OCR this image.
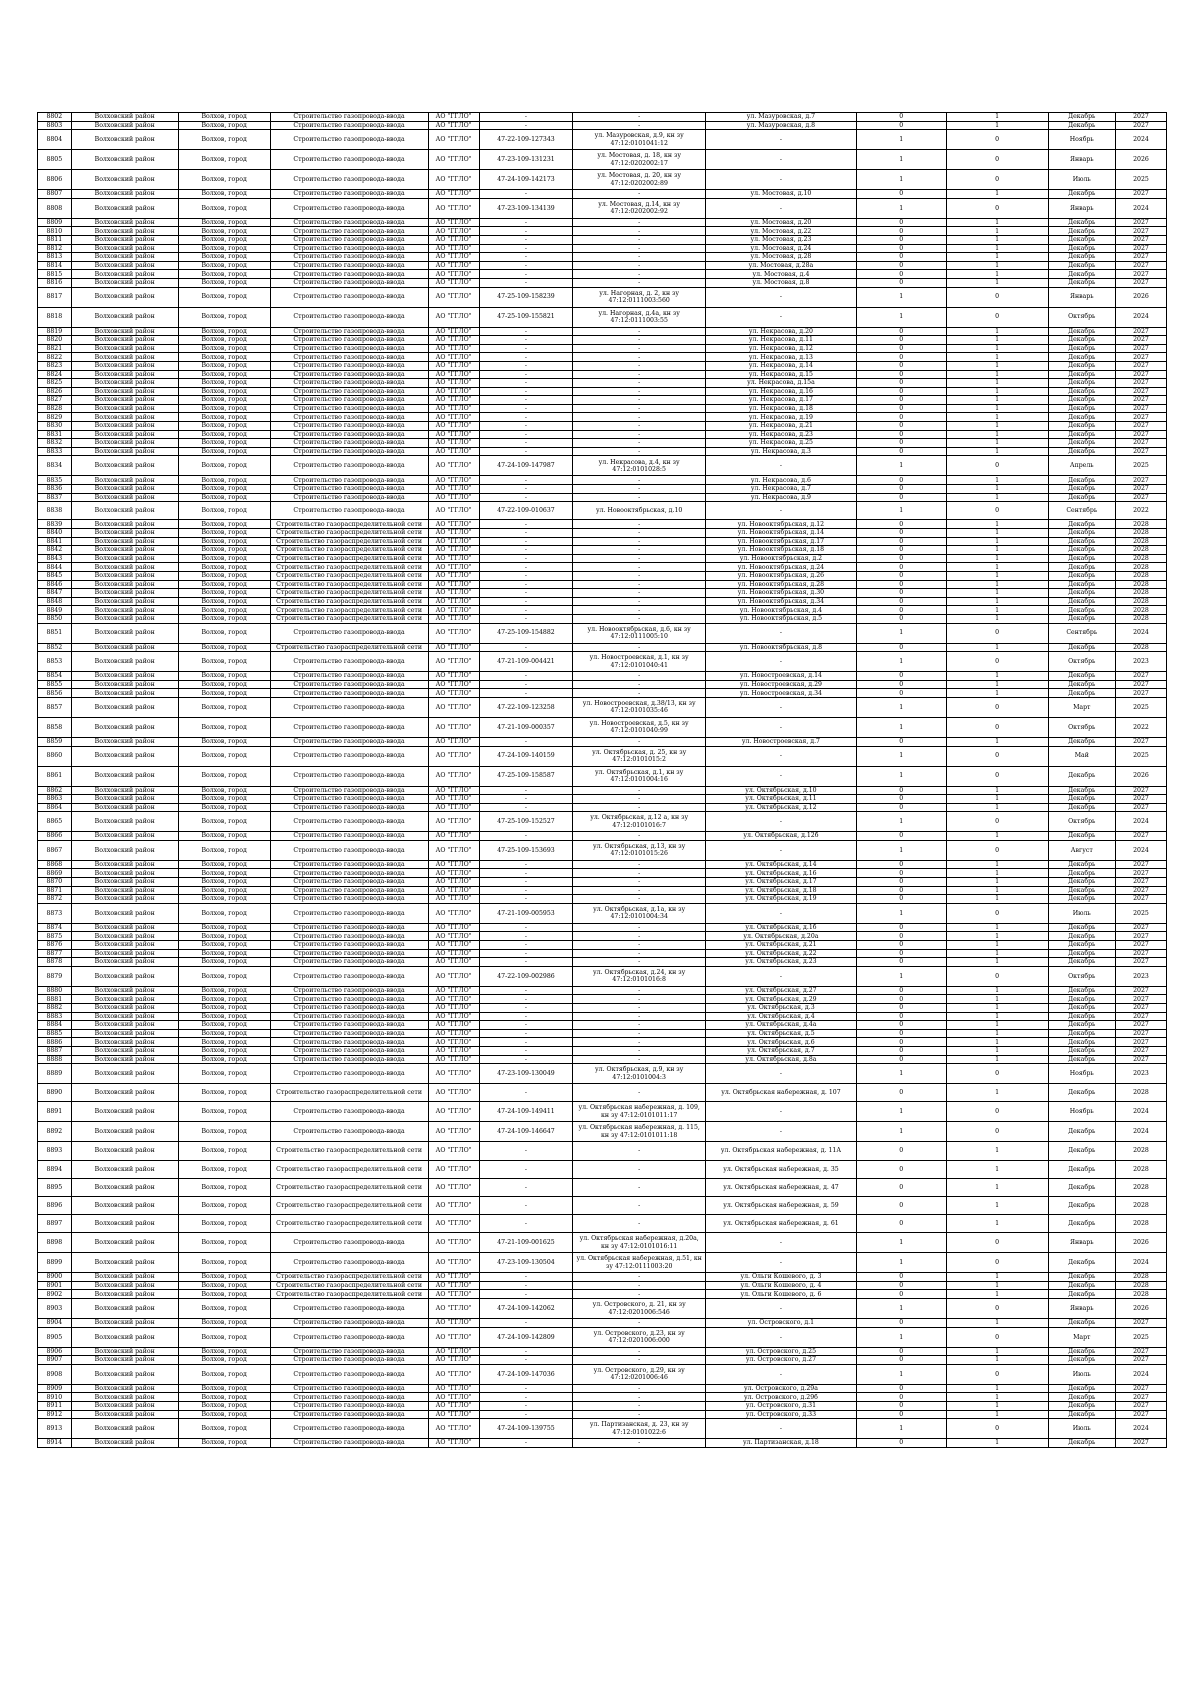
8802	Волховский район	Волхов, город	Строительство газопровода-ввода	АО "ГГЛО"	-	-	ул. Мазуровская, д.7	0	1	Декабрь	2027
8803	Волховский район	Волхов, город	Строительство газопровода-ввода	АО "ГГЛО"	-	-	ул. Мазуровская, д.8	0	1	Декабрь	2027
8804	Волховский район	Волхов, город	Строительство газопровода-ввода	АО "ГГЛО"	47-22-109-127343	ул. Мазуровская, д.9, кн зу 47:12:0101041:12	-	1	0	Ноябрь	2024
8805	Волховский район	Волхов, город	Строительство газопровода-ввода	АО "ГГЛО"	47-23-109-131231	ул. Мостовая, д. 18, кн зу 47:12:0202002:17	-	1	0	Январь	2026
8806	Волховский район	Волхов, город	Строительство газопровода-ввода	АО "ГГЛО"	47-24-109-142173	ул. Мостовая, д. 20, кн зу 47:12:0202002:89	-	1	0	Июль	2025
8807	Волховский район	Волхов, город	Строительство газопровода-ввода	АО "ГГЛО"	-	-	ул. Мостовая, д.10	0	1	Декабрь	2027
8808	Волховский район	Волхов, город	Строительство газопровода-ввода	АО "ГГЛО"	47-23-109-134139	ул. Мостовая, д.14, кн зу 47:12:0202002:92	-	1	0	Январь	2024
8809	Волховский район	Волхов, город	Строительство газопровода-ввода	АО "ГГЛО"	-	-	ул. Мостовая, д.20	0	1	Декабрь	2027
8810	Волховский район	Волхов, город	Строительство газопровода-ввода	АО "ГГЛО"	-	-	ул. Мостовая, д.22	0	1	Декабрь	2027
8811	Волховский район	Волхов, город	Строительство газопровода-ввода	АО "ГГЛО"	-	-	ул. Мостовая, д.23	0	1	Декабрь	2027
8812	Волховский район	Волхов, город	Строительство газопровода-ввода	АО "ГГЛО"	-	-	ул. Мостовая, д.24	0	1	Декабрь	2027
8813	Волховский район	Волхов, город	Строительство газопровода-ввода	АО "ГГЛО"	-	-	ул. Мостовая, д.28	0	1	Декабрь	2027
8814	Волховский район	Волхов, город	Строительство газопровода-ввода	АО "ГГЛО"	-	-	ул. Мостовая, д.28а	0	1	Декабрь	2027
8815	Волховский район	Волхов, город	Строительство газопровода-ввода	АО "ГГЛО"	-	-	ул. Мостовая, д.4	0	1	Декабрь	2027
8816	Волховский район	Волхов, город	Строительство газопровода-ввода	АО "ГГЛО"	-	-	ул. Мостовая, д.8	0	1	Декабрь	2027
8817	Волховский район	Волхов, город	Строительство газопровода-ввода	АО "ГГЛО"	47-25-109-158239	ул. Нагорная, д. 2, кн зу 47:12:0111003:560	-	1	0	Январь	2026
8818	Волховский район	Волхов, город	Строительство газопровода-ввода	АО "ГГЛО"	47-25-109-155821	ул. Нагорная, д.4а, кн зу 47:12:0111003:55	-	1	0	Октябрь	2024
8819	Волховский район	Волхов, город	Строительство газопровода-ввода	АО "ГГЛО"	-	-	ул. Некрасова, д.20	0	1	Декабрь	2027
8820	Волховский район	Волхов, город	Строительство газопровода-ввода	АО "ГГЛО"	-	-	ул. Некрасова, д.11	0	1	Декабрь	2027
8821	Волховский район	Волхов, город	Строительство газопровода-ввода	АО "ГГЛО"	-	-	ул. Некрасова, д.12	0	1	Декабрь	2027
8822	Волховский район	Волхов, город	Строительство газопровода-ввода	АО "ГГЛО"	-	-	ул. Некрасова, д.13	0	1	Декабрь	2027
8823	Волховский район	Волхов, город	Строительство газопровода-ввода	АО "ГГЛО"	-	-	ул. Некрасова, д.14	0	1	Декабрь	2027
8824	Волховский район	Волхов, город	Строительство газопровода-ввода	АО "ГГЛО"	-	-	ул. Некрасова, д.15	0	1	Декабрь	2027
8825	Волховский район	Волхов, город	Строительство газопровода-ввода	АО "ГГЛО"	-	-	ул. Некрасова, д.15а	0	1	Декабрь	2027
8826	Волховский район	Волхов, город	Строительство газопровода-ввода	АО "ГГЛО"	-	-	ул. Некрасова, д.16	0	1	Декабрь	2027
8827	Волховский район	Волхов, город	Строительство газопровода-ввода	АО "ГГЛО"	-	-	ул. Некрасова, д.17	0	1	Декабрь	2027
8828	Волховский район	Волхов, город	Строительство газопровода-ввода	АО "ГГЛО"	-	-	ул. Некрасова, д.18	0	1	Декабрь	2027
8829	Волховский район	Волхов, город	Строительство газопровода-ввода	АО "ГГЛО"	-	-	ул. Некрасова, д.19	0	1	Декабрь	2027
8830	Волховский район	Волхов, город	Строительство газопровода-ввода	АО "ГГЛО"	-	-	ул. Некрасова, д.21	0	1	Декабрь	2027
8831	Волховский район	Волхов, город	Строительство газопровода-ввода	АО "ГГЛО"	-	-	ул. Некрасова, д.23	0	1	Декабрь	2027
8832	Волховский район	Волхов, город	Строительство газопровода-ввода	АО "ГГЛО"	-	-	ул. Некрасова, д.25	0	1	Декабрь	2027
8833	Волховский район	Волхов, город	Строительство газопровода-ввода	АО "ГГЛО"	-	-	ул. Некрасова, д.3	0	1	Декабрь	2027
8834	Волховский район	Волхов, город	Строительство газопровода-ввода	АО "ГГЛО"	47-24-109-147987	ул. Некрасова, д.4, кн зу 47:12:0101028:5	-	1	0	Апрель	2025
8835	Волховский район	Волхов, город	Строительство газопровода-ввода	АО "ГГЛО"	-	-	ул. Некрасова, д.6	0	1	Декабрь	2027
8836	Волховский район	Волхов, город	Строительство газопровода-ввода	АО "ГГЛО"	-	-	ул. Некрасова, д.7	0	1	Декабрь	2027
8837	Волховский район	Волхов, город	Строительство газопровода-ввода	АО "ГГЛО"	-	-	ул. Некрасова, д.9	0	1	Декабрь	2027
8838	Волховский район	Волхов, город	Строительство газопровода-ввода	АО "ГГЛО"	47-22-109-010637	ул. Новооктябрьская, д.10	-	1	0	Сентябрь	2022
8839	Волховский район	Волхов, город	Строительство газораспределительной сети	АО "ГГЛО"	-	-	ул. Новооктябрьская, д.12	0	1	Декабрь	2028
8840	Волховский район	Волхов, город	Строительство газораспределительной сети	АО "ГГЛО"	-	-	ул. Новооктябрьская, д.14	0	1	Декабрь	2028
8841	Волховский район	Волхов, город	Строительство газораспределительной сети	АО "ГГЛО"	-	-	ул. Новооктябрьская, д.17	0	1	Декабрь	2028
8842	Волховский район	Волхов, город	Строительство газораспределительной сети	АО "ГГЛО"	-	-	ул. Новооктябрьская, д.18	0	1	Декабрь	2028
8843	Волховский район	Волхов, город	Строительство газораспределительной сети	АО "ГГЛО"	-	-	ул. Новооктябрьская, д.2	0	1	Декабрь	2028
8844	Волховский район	Волхов, город	Строительство газораспределительной сети	АО "ГГЛО"	-	-	ул. Новооктябрьская, д.24	0	1	Декабрь	2028
8845	Волховский район	Волхов, город	Строительство газораспределительной сети	АО "ГГЛО"	-	-	ул. Новооктябрьская, д.26	0	1	Декабрь	2028
8846	Волховский район	Волхов, город	Строительство газораспределительной сети	АО "ГГЛО"	-	-	ул. Новооктябрьская, д.28	0	1	Декабрь	2028
8847	Волховский район	Волхов, город	Строительство газораспределительной сети	АО "ГГЛО"	-	-	ул. Новооктябрьская, д.30	0	1	Декабрь	2028
8848	Волховский район	Волхов, город	Строительство газораспределительной сети	АО "ГГЛО"	-	-	ул. Новооктябрьская, д.34	0	1	Декабрь	2028
8849	Волховский район	Волхов, город	Строительство газораспределительной сети	АО "ГГЛО"	-	-	ул. Новооктябрьская, д.4	0	1	Декабрь	2028
8850	Волховский район	Волхов, город	Строительство газораспределительной сети	АО "ГГЛО"	-	-	ул. Новооктябрьская, д.5	0	1	Декабрь	2028
8851	Волховский район	Волхов, город	Строительство газопровода-ввода	АО "ГГЛО"	47-25-109-154882	ул. Новооктябрьская, д.6, кн зу 47:12:0111005:10	-	1	0	Сентябрь	2024
8852	Волховский район	Волхов, город	Строительство газораспределительной сети	АО "ГГЛО"	-	-	ул. Новооктябрьская, д.8	0	1	Декабрь	2028
8853	Волховский район	Волхов, город	Строительство газопровода-ввода	АО "ГГЛО"	47-21-109-004421	ул. Новостроевская, д.1, кн зу 47:12:0101040:41	-	1	0	Октябрь	2023
8854	Волховский район	Волхов, город	Строительство газопровода-ввода	АО "ГГЛО"	-	-	ул. Новостроевская, д.14	0	1	Декабрь	2027
8855	Волховский район	Волхов, город	Строительство газопровода-ввода	АО "ГГЛО"	-	-	ул. Новостроевская, д.29	0	1	Декабрь	2027
8856	Волховский район	Волхов, город	Строительство газопровода-ввода	АО "ГГЛО"	-	-	ул. Новостроевская, д.34	0	1	Декабрь	2027
8857	Волховский район	Волхов, город	Строительство газопровода-ввода	АО "ГГЛО"	47-22-109-123258	ул. Новостроевская, д.38/13, кн зу 47:12:0101035:46	-	1	0	Март	2025
8858	Волховский район	Волхов, город	Строительство газопровода-ввода	АО "ГГЛО"	47-21-109-000357	ул. Новостроевская, д.5, кн зу 47:12:0101040:99	-	1	0	Октябрь	2022
8859	Волховский район	Волхов, город	Строительство газопровода-ввода	АО "ГГЛО"	-	-	ул. Новостроевская, д.7	0	1	Декабрь	2027
8860	Волховский район	Волхов, город	Строительство газопровода-ввода	АО "ГГЛО"	47-24-109-140159	ул. Октябрьская, д. 25, кн зу 47:12:0101015:2	-	1	0	Май	2025
8861	Волховский район	Волхов, город	Строительство газопровода-ввода	АО "ГГЛО"	47-25-109-158587	ул. Октябрьская, д.1, кн зу 47:12:0101004:16	-	1	0	Декабрь	2026
8862	Волховский район	Волхов, город	Строительство газопровода-ввода	АО "ГГЛО"	-	-	ул. Октябрьская, д.10	0	1	Декабрь	2027
8863	Волховский район	Волхов, город	Строительство газопровода-ввода	АО "ГГЛО"	-	-	ул. Октябрьская, д.11	0	1	Декабрь	2027
8864	Волховский район	Волхов, город	Строительство газопровода-ввода	АО "ГГЛО"	-	-	ул. Октябрьская, д.12	0	1	Декабрь	2027
8865	Волховский район	Волхов, город	Строительство газопровода-ввода	АО "ГГЛО"	47-25-109-152527	ул. Октябрьская, д.12 а, кн зу 47:12:0101016:7	-	1	0	Октябрь	2024
8866	Волховский район	Волхов, город	Строительство газопровода-ввода	АО "ГГЛО"	-	-	ул. Октябрьская, д.12б	0	1	Декабрь	2027
8867	Волховский район	Волхов, город	Строительство газопровода-ввода	АО "ГГЛО"	47-25-109-153693	ул. Октябрьская, д.13, кн зу 47:12:0101015:26	-	1	0	Август	2024
8868	Волховский район	Волхов, город	Строительство газопровода-ввода	АО "ГГЛО"	-	-	ул. Октябрьская, д.14	0	1	Декабрь	2027
8869	Волховский район	Волхов, город	Строительство газопровода-ввода	АО "ГГЛО"	-	-	ул. Октябрьская, д.16	0	1	Декабрь	2027
8870	Волховский район	Волхов, город	Строительство газопровода-ввода	АО "ГГЛО"	-	-	ул. Октябрьская, д.17	0	1	Декабрь	2027
8871	Волховский район	Волхов, город	Строительство газопровода-ввода	АО "ГГЛО"	-	-	ул. Октябрьская, д.18	0	1	Декабрь	2027
8872	Волховский район	Волхов, город	Строительство газопровода-ввода	АО "ГГЛО"	-	-	ул. Октябрьская, д.19	0	1	Декабрь	2027
8873	Волховский район	Волхов, город	Строительство газопровода-ввода	АО "ГГЛО"	47-21-109-005953	ул. Октябрьская, д.1а, кн зу 47:12:0101004:34	-	1	0	Июль	2025
8874	Волховский район	Волхов, город	Строительство газопровода-ввода	АО "ГГЛО"	-	-	ул. Октябрьская, д.1б	0	1	Декабрь	2027
8875	Волховский район	Волхов, город	Строительство газопровода-ввода	АО "ГГЛО"	-	-	ул. Октябрьская, д.20а	0	1	Декабрь	2027
8876	Волховский район	Волхов, город	Строительство газопровода-ввода	АО "ГГЛО"	-	-	ул. Октябрьская, д.21	0	1	Декабрь	2027
8877	Волховский район	Волхов, город	Строительство газопровода-ввода	АО "ГГЛО"	-	-	ул. Октябрьская, д.22	0	1	Декабрь	2027
8878	Волховский район	Волхов, город	Строительство газопровода-ввода	АО "ГГЛО"	-	-	ул. Октябрьская, д.23	0	1	Декабрь	2027
8879	Волховский район	Волхов, город	Строительство газопровода-ввода	АО "ГГЛО"	47-22-109-002986	ул. Октябрьская, д.24, кн зу 47:12:0101016:8	-	1	0	Октябрь	2023
8880	Волховский район	Волхов, город	Строительство газопровода-ввода	АО "ГГЛО"	-	-	ул. Октябрьская, д.27	0	1	Декабрь	2027
8881	Волховский район	Волхов, город	Строительство газопровода-ввода	АО "ГГЛО"	-	-	ул. Октябрьская, д.29	0	1	Декабрь	2027
8882	Волховский район	Волхов, город	Строительство газопровода-ввода	АО "ГГЛО"	-	-	ул. Октябрьская, д.3	0	1	Декабрь	2027
8883	Волховский район	Волхов, город	Строительство газопровода-ввода	АО "ГГЛО"	-	-	ул. Октябрьская, д.4	0	1	Декабрь	2027
8884	Волховский район	Волхов, город	Строительство газопровода-ввода	АО "ГГЛО"	-	-	ул. Октябрьская, д.4а	0	1	Декабрь	2027
8885	Волховский район	Волхов, город	Строительство газопровода-ввода	АО "ГГЛО"	-	-	ул. Октябрьская, д.5	0	1	Декабрь	2027
8886	Волховский район	Волхов, город	Строительство газопровода-ввода	АО "ГГЛО"	-	-	ул. Октябрьская, д.6	0	1	Декабрь	2027
8887	Волховский район	Волхов, город	Строительство газопровода-ввода	АО "ГГЛО"	-	-	ул. Октябрьская, д.7	0	1	Декабрь	2027
8888	Волховский район	Волхов, город	Строительство газопровода-ввода	АО "ГГЛО"	-	-	ул. Октябрьская, д.8а	0	1	Декабрь	2027
8889	Волховский район	Волхов, город	Строительство газопровода-ввода	АО "ГГЛО"	47-23-109-130049	ул. Октябрьская, д.9, кн зу 47:12:0101004:3	-	1	0	Ноябрь	2023
8890	Волховский район	Волхов, город	Строительство газораспределительной сети	АО "ГГЛО"	-	-	ул. Октябрьская набережная, д. 107	0	1	Декабрь	2028
8891	Волховский район	Волхов, город	Строительство газопровода-ввода	АО "ГГЛО"	47-24-109-149411	ул. Октябрьская набережная, д. 109, кн зу 47:12:0101011:17	-	1	0	Ноябрь	2024
8892	Волховский район	Волхов, город	Строительство газопровода-ввода	АО "ГГЛО"	47-24-109-146647	ул. Октябрьская набережная, д. 115, кн зу 47:12:0101011:18	-	1	0	Декабрь	2024
8893	Волховский район	Волхов, город	Строительство газораспределительной сети	АО "ГГЛО"	-	-	ул. Октябрьская набережная, д. 11А	0	1	Декабрь	2028
8894	Волховский район	Волхов, город	Строительство газораспределительной сети	АО "ГГЛО"	-	-	ул. Октябрьская набережная, д. 35	0	1	Декабрь	2028
8895	Волховский район	Волхов, город	Строительство газораспределительной сети	АО "ГГЛО"	-	-	ул. Октябрьская набережная, д. 47	0	1	Декабрь	2028
8896	Волховский район	Волхов, город	Строительство газораспределительной сети	АО "ГГЛО"	-	-	ул. Октябрьская набережная, д. 59	0	1	Декабрь	2028
8897	Волховский район	Волхов, город	Строительство газораспределительной сети	АО "ГГЛО"	-	-	ул. Октябрьская набережная, д. 61	0	1	Декабрь	2028
8898	Волховский район	Волхов, город	Строительство газопровода-ввода	АО "ГГЛО"	47-21-109-001625	ул. Октябрьская набережная, д.20а, кн зу 47:12:0101016:11	-	1	0	Январь	2026
8899	Волховский район	Волхов, город	Строительство газопровода-ввода	АО "ГГЛО"	47-23-109-130504	ул. Октябрьская набережная, д.51, кн зу 47:12:0111003:20	-	1	0	Декабрь	2024
8900	Волховский район	Волхов, город	Строительство газораспределительной сети	АО "ГГЛО"	-	-	ул. Ольги Кошевого, д. 3	0	1	Декабрь	2028
8901	Волховский район	Волхов, город	Строительство газораспределительной сети	АО "ГГЛО"	-	-	ул. Ольги Кошевого, д. 4	0	1	Декабрь	2028
8902	Волховский район	Волхов, город	Строительство газораспределительной сети	АО "ГГЛО"	-	-	ул. Ольги Кошевого, д. 6	0	1	Декабрь	2028
8903	Волховский район	Волхов, город	Строительство газопровода-ввода	АО "ГГЛО"	47-24-109-142062	ул. Островского, д. 21, кн зу 47:12:0201006:546	-	1	0	Январь	2026
8904	Волховский район	Волхов, город	Строительство газопровода-ввода	АО "ГГЛО"	-	-	ул. Островского, д.1	0	1	Декабрь	2027
8905	Волховский район	Волхов, город	Строительство газопровода-ввода	АО "ГГЛО"	47-24-109-142809	ул. Островского, д.23, кн зу 47:12:0201006:000	-	1	0	Март	2025
8906	Волховский район	Волхов, город	Строительство газопровода-ввода	АО "ГГЛО"	-	-	ул. Островского, д.25	0	1	Декабрь	2027
8907	Волховский район	Волхов, город	Строительство газопровода-ввода	АО "ГГЛО"	-	-	ул. Островского, д.27	0	1	Декабрь	2027
8908	Волховский район	Волхов, город	Строительство газопровода-ввода	АО "ГГЛО"	47-24-109-147036	ул. Островского, д.29, кн зу 47:12:0201006:46	-	1	0	Июль	2024
8909	Волховский район	Волхов, город	Строительство газопровода-ввода	АО "ГГЛО"	-	-	ул. Островского, д.29а	0	1	Декабрь	2027
8910	Волховский район	Волхов, город	Строительство газопровода-ввода	АО "ГГЛО"	-	-	ул. Островского, д.29б	0	1	Декабрь	2027
8911	Волховский район	Волхов, город	Строительство газопровода-ввода	АО "ГГЛО"	-	-	ул. Островского, д.31	0	1	Декабрь	2027
8912	Волховский район	Волхов, город	Строительство газопровода-ввода	АО "ГГЛО"	-	-	ул. Островского, д.33	0	1	Декабрь	2027
8913	Волховский район	Волхов, город	Строительство газопровода-ввода	АО "ГГЛО"	47-24-109-139755	ул. Партизанская, д. 23, кн зу 47:12:0101022:6	-	1	0	Июль	2024
8914	Волховский район	Волхов, город	Строительство газопровода-ввода	АО "ГГЛО"	-	-	ул. Партизанская, д.18	0	1	Декабрь	2027
